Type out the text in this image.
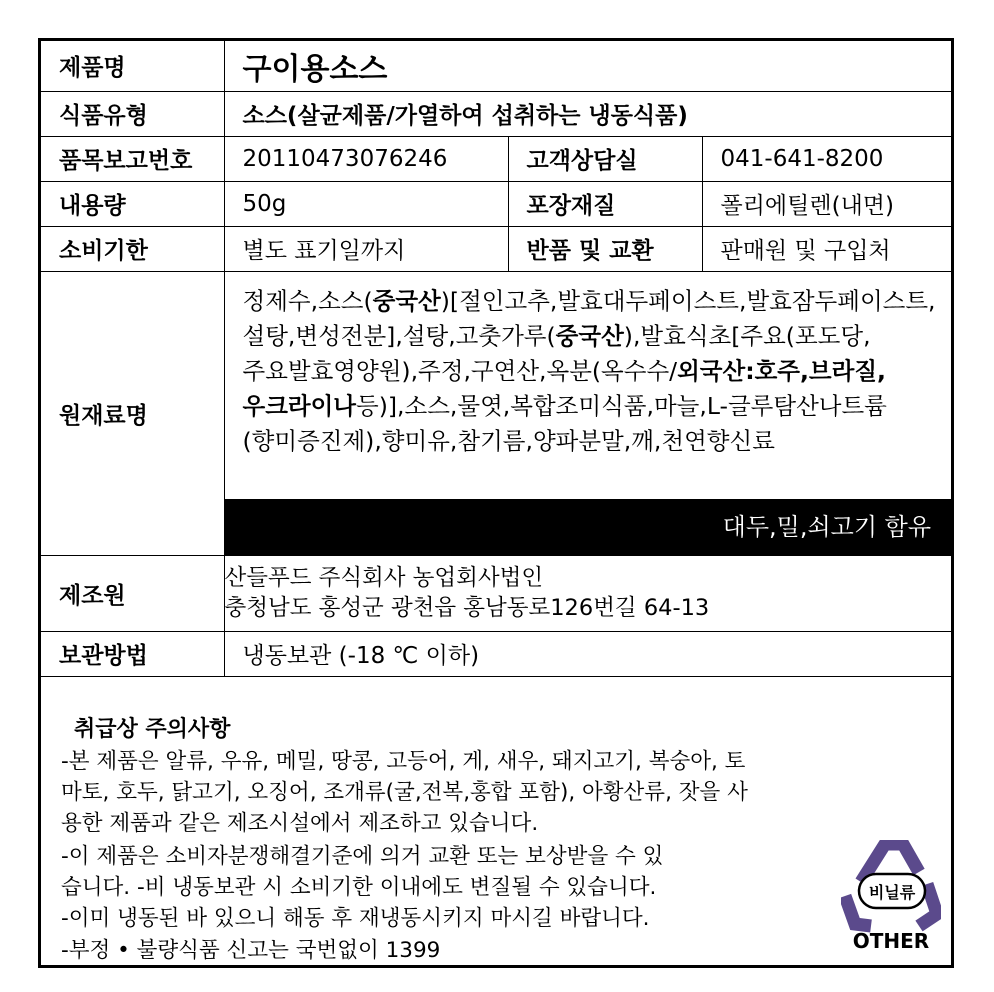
제품명	구이용소스		
식품유형	소스(살균제품/가열하여 섭취하는 냉동식품)		
품목보고번호	20110473076246	고객상담실	041-641-8200
내용량	50g	포장재질	폴리에틸렌(내면)
소비기한	별도 표기일까지	반품 및 교환	판매원 및 구입처
원재료명	정제수,소스(중국산)[절인고추,발효대두페이스트,발효잠두페이스트,설탕,변성전분],설탕,고춧가루(중국산),발효식초[주요(포도당,주요발효영양원),주정,구연산,옥분(옥수수/외국산:호주,브라질,우크라이나등)],소스,물엿,복합조미식품,마늘,L-글루탐산나트륨(향미증진제),향미유,참기름,양파분말,깨,천연향신료
대두,밀,쇠고기 함유		

제조원	산들푸드 주식회사 농업회사법인
충청남도 홍성군 광천읍 홍남동로126번길 64-13		

보관방법	냉동보관 (-18 ℃ 이하)		
취급상 주의사항
-본 제품은 알류, 우유, 메밀, 땅콩, 고등어, 게, 새우, 돼지고기, 복숭아, 토
마토, 호두, 닭고기, 오징어, 조개류(굴,전복,홍합 포함), 아황산류, 잣을 사
용한 제품과 같은 제조시설에서 제조하고 있습니다.
-이 제품은 소비자분쟁해결기준에 의거 교환 또는 보상받을 수 있
습니다. -비 냉동보관 시 소비기한 이내에도 변질될 수 있습니다.
-이미 냉동된 바 있으니 해동 후 재냉동시키지 마시길 바랍니다.
-부정 • 불량식품 신고는 국번없이 1399
비닐류
OTHER
